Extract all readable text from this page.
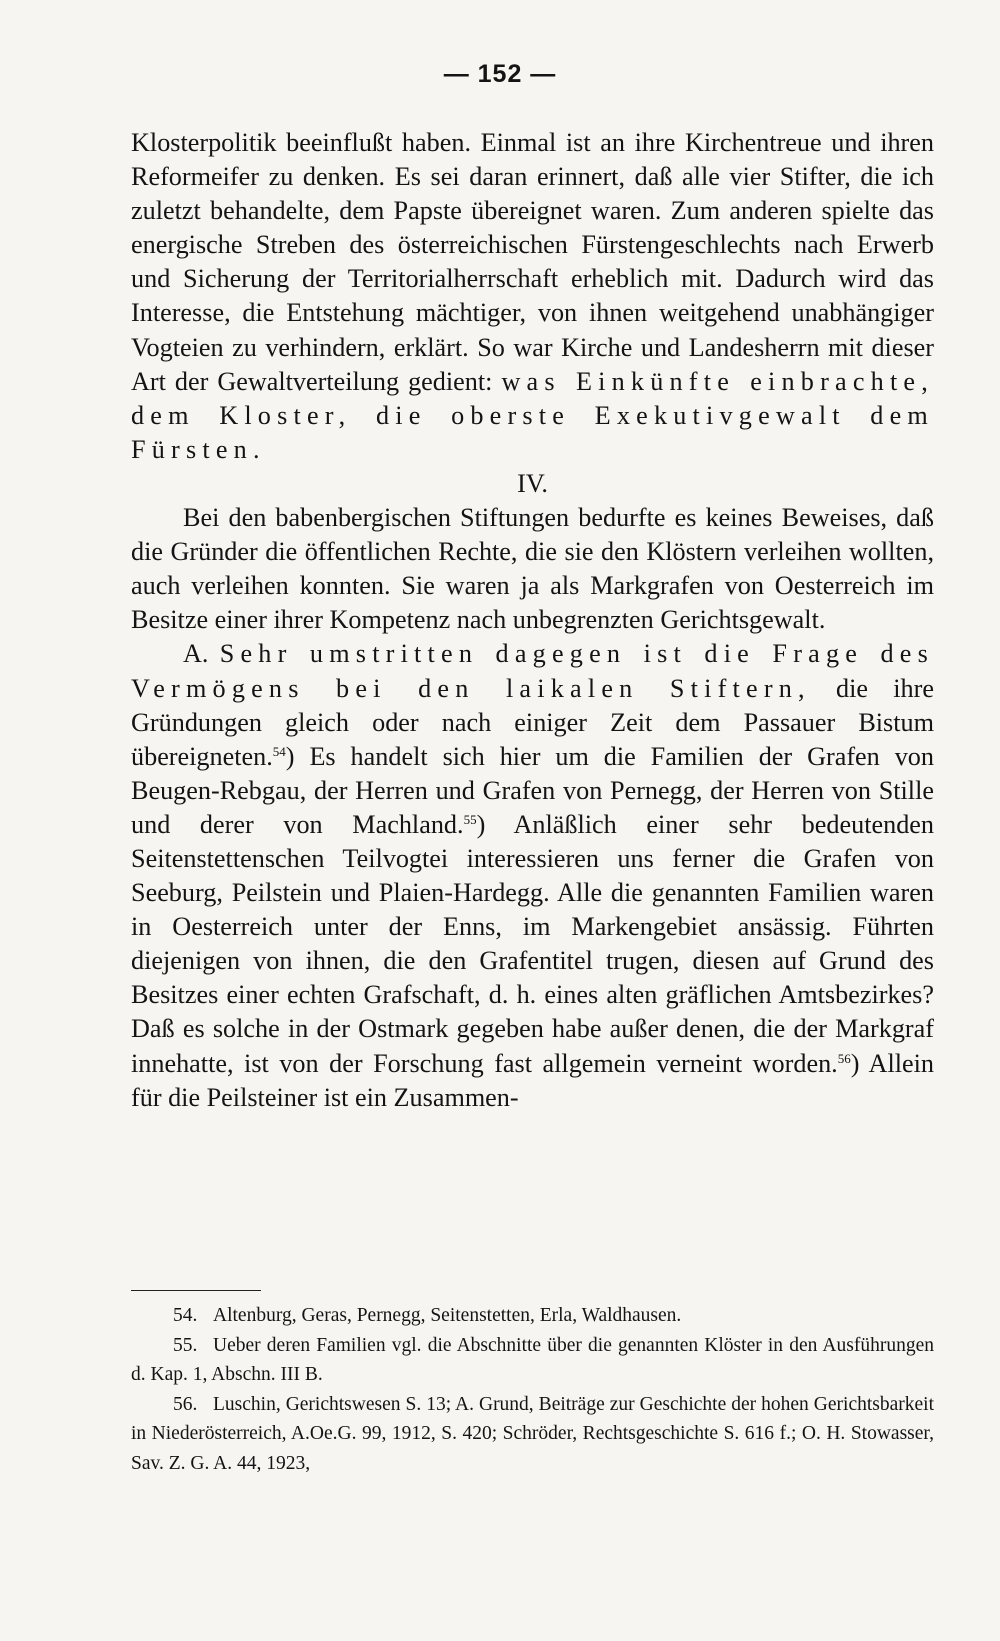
— 152 —

Klosterpolitik beeinflußt haben. Einmal ist an ihre Kirchentreue und ihren Reformeifer zu denken. Es sei daran erinnert, daß alle vier Stifter, die ich zuletzt behandelte, dem Papste übereignet waren. Zum anderen spielte das energische Streben des österreichischen Fürstengeschlechts nach Erwerb und Sicherung der Territorialherrschaft erheblich mit. Dadurch wird das Interesse, die Entstehung mächtiger, von ihnen weitgehend unabhängiger Vogteien zu verhindern, erklärt. So war Kirche und Landesherrn mit dieser Art der Gewaltverteilung gedient: was Einkünfte einbrachte, dem Kloster, die oberste Exekutivgewalt dem Fürsten.

IV.

Bei den babenbergischen Stiftungen bedurfte es keines Beweises, daß die Gründer die öffentlichen Rechte, die sie den Klöstern verleihen wollten, auch verleihen konnten. Sie waren ja als Markgrafen von Oesterreich im Besitze einer ihrer Kompetenz nach unbegrenzten Gerichtsgewalt.

A. Sehr umstritten dagegen ist die Frage des Vermögens bei den laikalen Stiftern, die ihre Gründungen gleich oder nach einiger Zeit dem Passauer Bistum übereigneten.$^{54}$) Es handelt sich hier um die Familien der Grafen von Beugen-Rebgau, der Herren und Grafen von Pernegg, der Herren von Stille und derer von Machland.$^{55}$) Anläßlich einer sehr bedeutenden Seitenstettenschen Teilvogtei interessieren uns ferner die Grafen von Seeburg, Peilstein und Plaien-Hardegg. Alle die genannten Familien waren in Oesterreich unter der Enns, im Markengebiet ansässig. Führten diejenigen von ihnen, die den Grafentitel trugen, diesen auf Grund des Besitzes einer echten Grafschaft, d. h. eines alten gräflichen Amtsbezirkes? Daß es solche in der Ostmark gegeben habe außer denen, die der Markgraf innehatte, ist von der Forschung fast allgemein verneint worden.$^{56}$) Allein für die Peilsteiner ist ein Zusammen-

54. Altenburg, Geras, Pernegg, Seitenstetten, Erla, Waldhausen.

55. Ueber deren Familien vgl. die Abschnitte über die genannten Klöster in den Ausführungen d. Kap. 1, Abschn. III B.

56. Luschin, Gerichtswesen S. 13; A. Grund, Beiträge zur Geschichte der hohen Gerichtsbarkeit in Niederösterreich, A.Oe.G. 99, 1912, S. 420; Schröder, Rechtsgeschichte S. 616 f.; O. H. Stowasser, Sav. Z. G. A. 44, 1923,
